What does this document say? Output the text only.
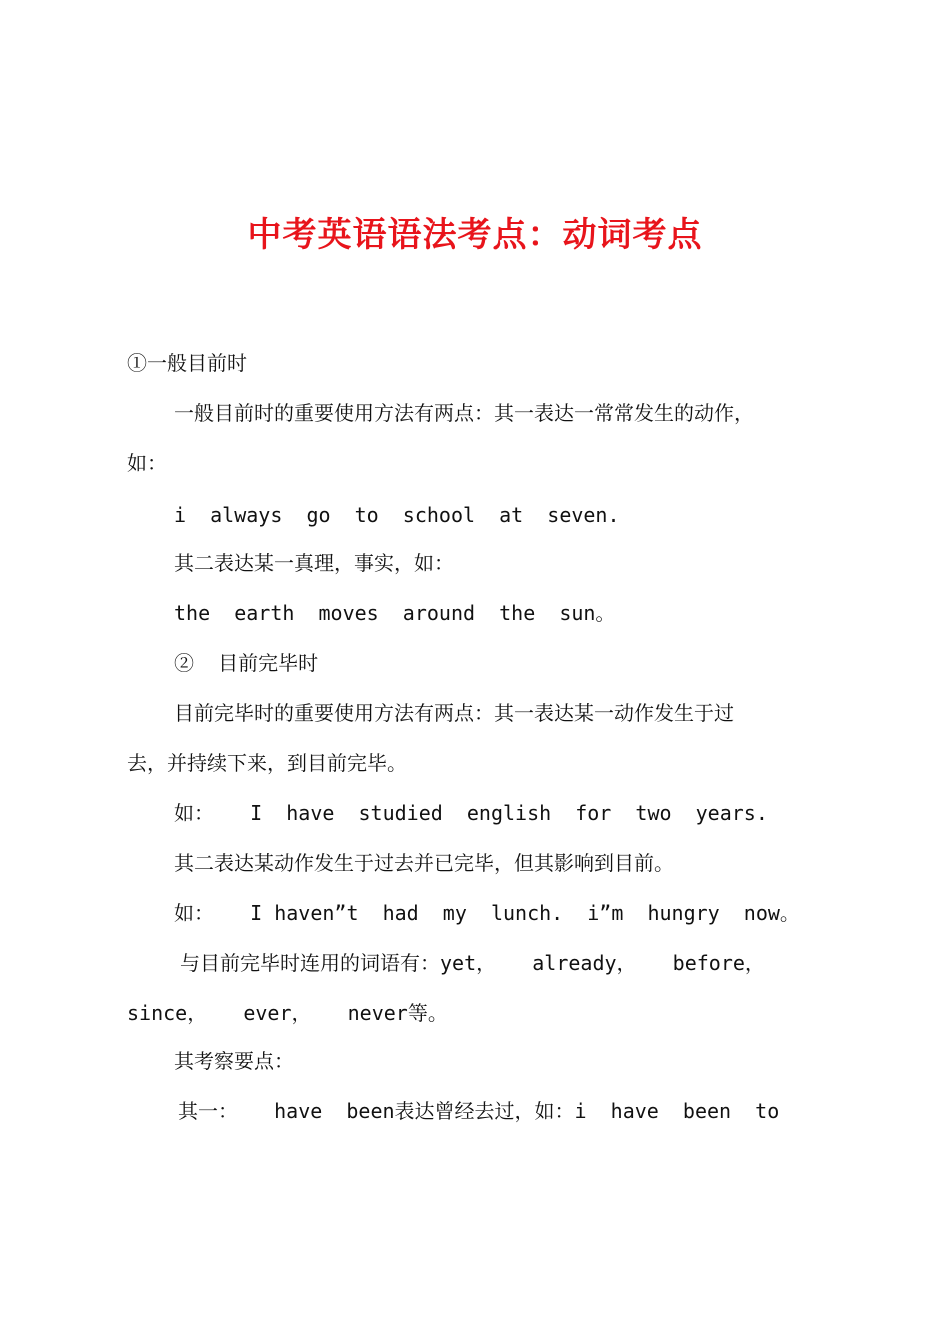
中考英语语法考点：动词考点
①一般目前时
一般目前时的重要使用方法有两点：其一表达一常常发生的动作，
如：
i  always  go  to  school  at  seven.
其二表达某一真理，事实，如：
the  earth  moves  around  the  sun。
②  目前完毕时
目前完毕时的重要使用方法有两点：其一表达某一动作发生于过
去，并持续下来，到目前完毕。
如：   I  have  studied  english  for  two  years.
其二表达某动作发生于过去并已完毕，但其影响到目前。
如：   I haven”t  had  my  lunch.  i”m  hungry  now。
与目前完毕时连用的词语有：yet，   already，   before，
since，   ever，   never等。
其考察要点：
其一：   have  been表达曾经去过，如：i  have  been  to
